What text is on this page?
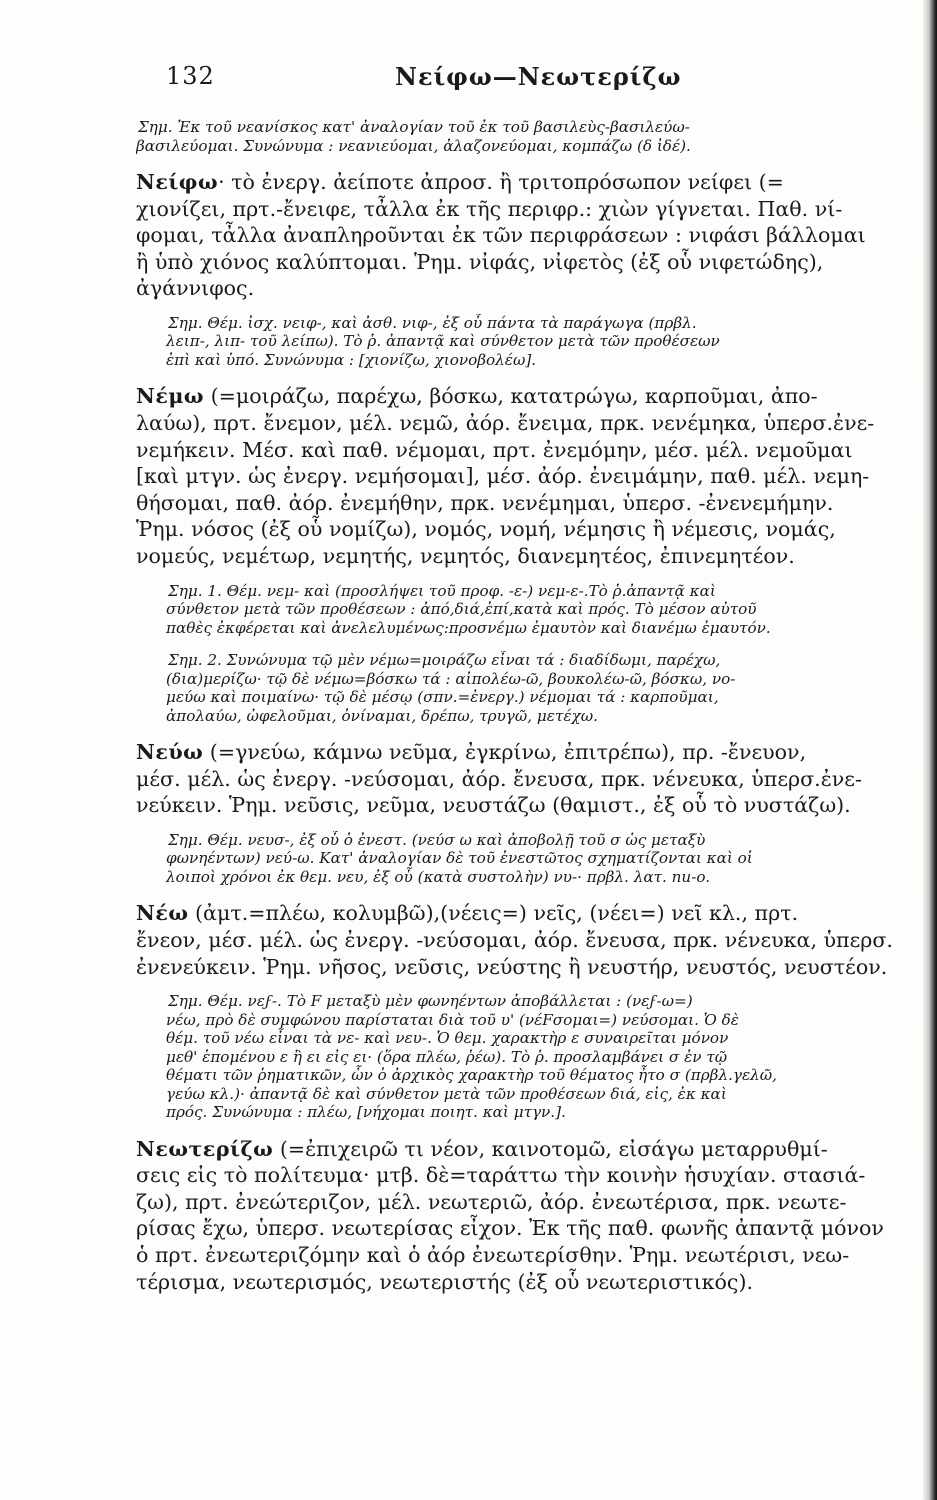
132	Νείφω—Νεωτερίζω
Σημ. Ἐκ τοῦ νεανίσκος κατ' ἀναλογίαν τοῦ ἐκ τοῦ βασιλεὺς-βασιλεύω-
βασιλεύομαι. Συνώνυμα : νεανιεύομαι, ἀλαζονεύομαι, κομπάζω (δ ἰδέ).
Νείφω· τὸ ἐνεργ. ἀείποτε ἀπροσ. ἢ τριτοπρόσωπον νείφει (=
χιονίζει, πρτ.-ἔνειφε, τἆλλα ἐκ τῆς περιφρ.: χιὼν γίγνεται. Παθ. νί-
φομαι, τἆλλα ἀναπληροῦνται ἐκ τῶν περιφράσεων : νιφάσι βάλλομαι
ἢ ὑπὸ χιόνος καλύπτομαι. Ῥημ. νἰφάς, νἰφετὸς (ἐξ οὗ νιφετώδης),
ἀγάννιφος.
Σημ. Θέμ. ἰσχ. νειφ-, καὶ ἀσθ. νιφ-, ἐξ οὗ πάντα τὰ παράγωγα (πρβλ.
λειπ-, λιπ- τοῦ λείπω). Τὸ ῥ. ἀπαντᾷ καὶ σύνθετον μετὰ τῶν προθέσεων
ἐπὶ καὶ ὑπό. Συνώνυμα : [χιονίζω, χιονοβολέω].
Νέμω (=μοιράζω, παρέχω, βόσκω, κατατρώγω, καρποῦμαι, ἀπο-
λαύω), πρτ. ἔνεμον, μέλ. νεμῶ, ἀόρ. ἔνειμα, πρκ. νενέμηκα, ὑπερσ.ἐνε-
νεμήκειν. Μέσ. καὶ παθ. νέμομαι, πρτ. ἐνεμόμην, μέσ. μέλ. νεμοῦμαι
[καὶ μτγν. ὡς ἐνεργ. νεμήσομαι], μέσ. ἀόρ. ἐνειμάμην, παθ. μέλ. νεμη-
θήσομαι, παθ. ἀόρ. ἐνεμήθην, πρκ. νενέμημαι, ὑπερσ. -ἐνενεμήμην.
Ῥημ. νόσος (ἐξ οὗ νομίζω), νομός, νομή, νέμησις ἢ νέμεσις, νομάς,
νομεύς, νεμέτωρ, νεμητής, νεμητός, διανεμητέος, ἐπινεμητέον.
Σημ. 1. Θέμ. νεμ- καὶ (προσλήψει τοῦ προφ. -ε-) νεμ-ε-.Τὸ ῥ.ἀπαντᾷ καὶ
σύνθετον μετὰ τῶν προθέσεων : ἀπό,διά,ἐπί,κατὰ καὶ πρός. Τὸ μέσον αὐτοῦ
παθὲς ἐκφέρεται καὶ ἀνελελυμένως:προσνέμω ἐμαυτὸν καὶ διανέμω ἐμαυτόν.
Σημ. 2. Συνώνυμα τῷ μὲν νέμω=μοιράζω εἶναι τά : διαδίδωμι, παρέχω,
(δια)μερίζω· τῷ δὲ νέμω=βόσκω τά : αἰπολέω-ῶ, βουκολέω-ῶ, βόσκω, νο-
μεύω καὶ ποιμαίνω· τῷ δὲ μέσῳ (σπν.=ἐνεργ.) νέμομαι τά : καρποῦμαι,
ἀπολαύω, ὠφελοῦμαι, ὀνίναμαι, δρέπω, τρυγῶ, μετέχω.
Νεύω (=γνεύω, κάμνω νεῦμα, ἐγκρίνω, ἐπιτρέπω), πρ. -ἔνευον,
μέσ. μέλ. ὡς ἐνεργ. -νεύσομαι, ἀόρ. ἔνευσα, πρκ. νένευκα, ὑπερσ.ἐνε-
νεύκειν. Ῥημ. νεῦσις, νεῦμα, νευστάζω (θαμιστ., ἐξ οὗ τὸ νυστάζω).
Σημ. Θέμ. νευσ-, ἐξ οὗ ὁ ἐνεστ. (νεύσ ω καὶ ἀποβολῇ τοῦ σ ὡς μεταξὺ
φωνηέντων) νεύ-ω. Κατ' ἀναλογίαν δὲ τοῦ ἐνεστῶτος σχηματίζονται καὶ οἱ
λοιποὶ χρόνοι ἐκ θεμ. νευ, ἐξ οὗ (κατὰ συστολὴν) νυ-· πρβλ. λατ. nu-o.
Νέω (ἀμτ.=πλέω, κολυμβῶ),(νέεις=) νεῖς, (νέει=) νεῖ κλ., πρτ.
ἔνεον, μέσ. μέλ. ὡς ἐνεργ. -νεύσομαι, ἀόρ. ἔνευσα, πρκ. νένευκα, ὑπερσ.
ἐνενεύκειν. Ῥημ. νῆσος, νεῦσις, νεύστης ἢ νευστήρ, νευστός, νευστέον.
Σημ. Θέμ. νεϝ-. Τὸ F μεταξὺ μὲν φωνηέντων ἀποβάλλεται : (νεϝ-ω=)
νέω, πρὸ δὲ συμφώνου παρίσταται διὰ τοῦ υ' (νέFσομαι=) νεύσομαι. Ὁ δὲ
θέμ. τοῦ νέω εἶναι τὰ νε- καὶ νευ-. Ὁ θεμ. χαρακτὴρ ε συναιρεῖται μόνον
μεθ' ἑπομένου ε ἢ ει εἰς ει· (ὅρα πλέω, ῥέω). Τὸ ῥ. προσλαμβάνει σ ἐν τῷ
θέματι τῶν ῥηματικῶν, ὧν ὁ ἀρχικὸς χαρακτὴρ τοῦ θέματος ἦτο σ (πρβλ.γελῶ,
γεύω κλ.)· ἀπαντᾷ δὲ καὶ σύνθετον μετὰ τῶν προθέσεων διά, εἰς, ἐκ καὶ
πρός. Συνώνυμα : πλέω, [νήχομαι ποιητ. καὶ μτγν.].
Νεωτερίζω (=ἐπιχειρῶ τι νέον, καινοτομῶ, εἰσάγω μεταρρυθμί-
σεις εἰς τὸ πολίτευμα· μτβ. δὲ=ταράττω τὴν κοινὴν ἡσυχίαν. στασιά-
ζω), πρτ. ἐνεώτεριζον, μέλ. νεωτεριῶ, ἀόρ. ἐνεωτέρισα, πρκ. νεωτε-
ρίσας ἔχω, ὑπερσ. νεωτερίσας εἶχον. Ἐκ τῆς παθ. φωνῆς ἀπαντᾷ μόνον
ὁ πρτ. ἐνεωτεριζόμην καὶ ὁ ἀόρ ἐνεωτερίσθην. Ῥημ. νεωτέρισι, νεω-
τέρισμα, νεωτερισμός, νεωτεριστής (ἐξ οὗ νεωτεριστικός).
